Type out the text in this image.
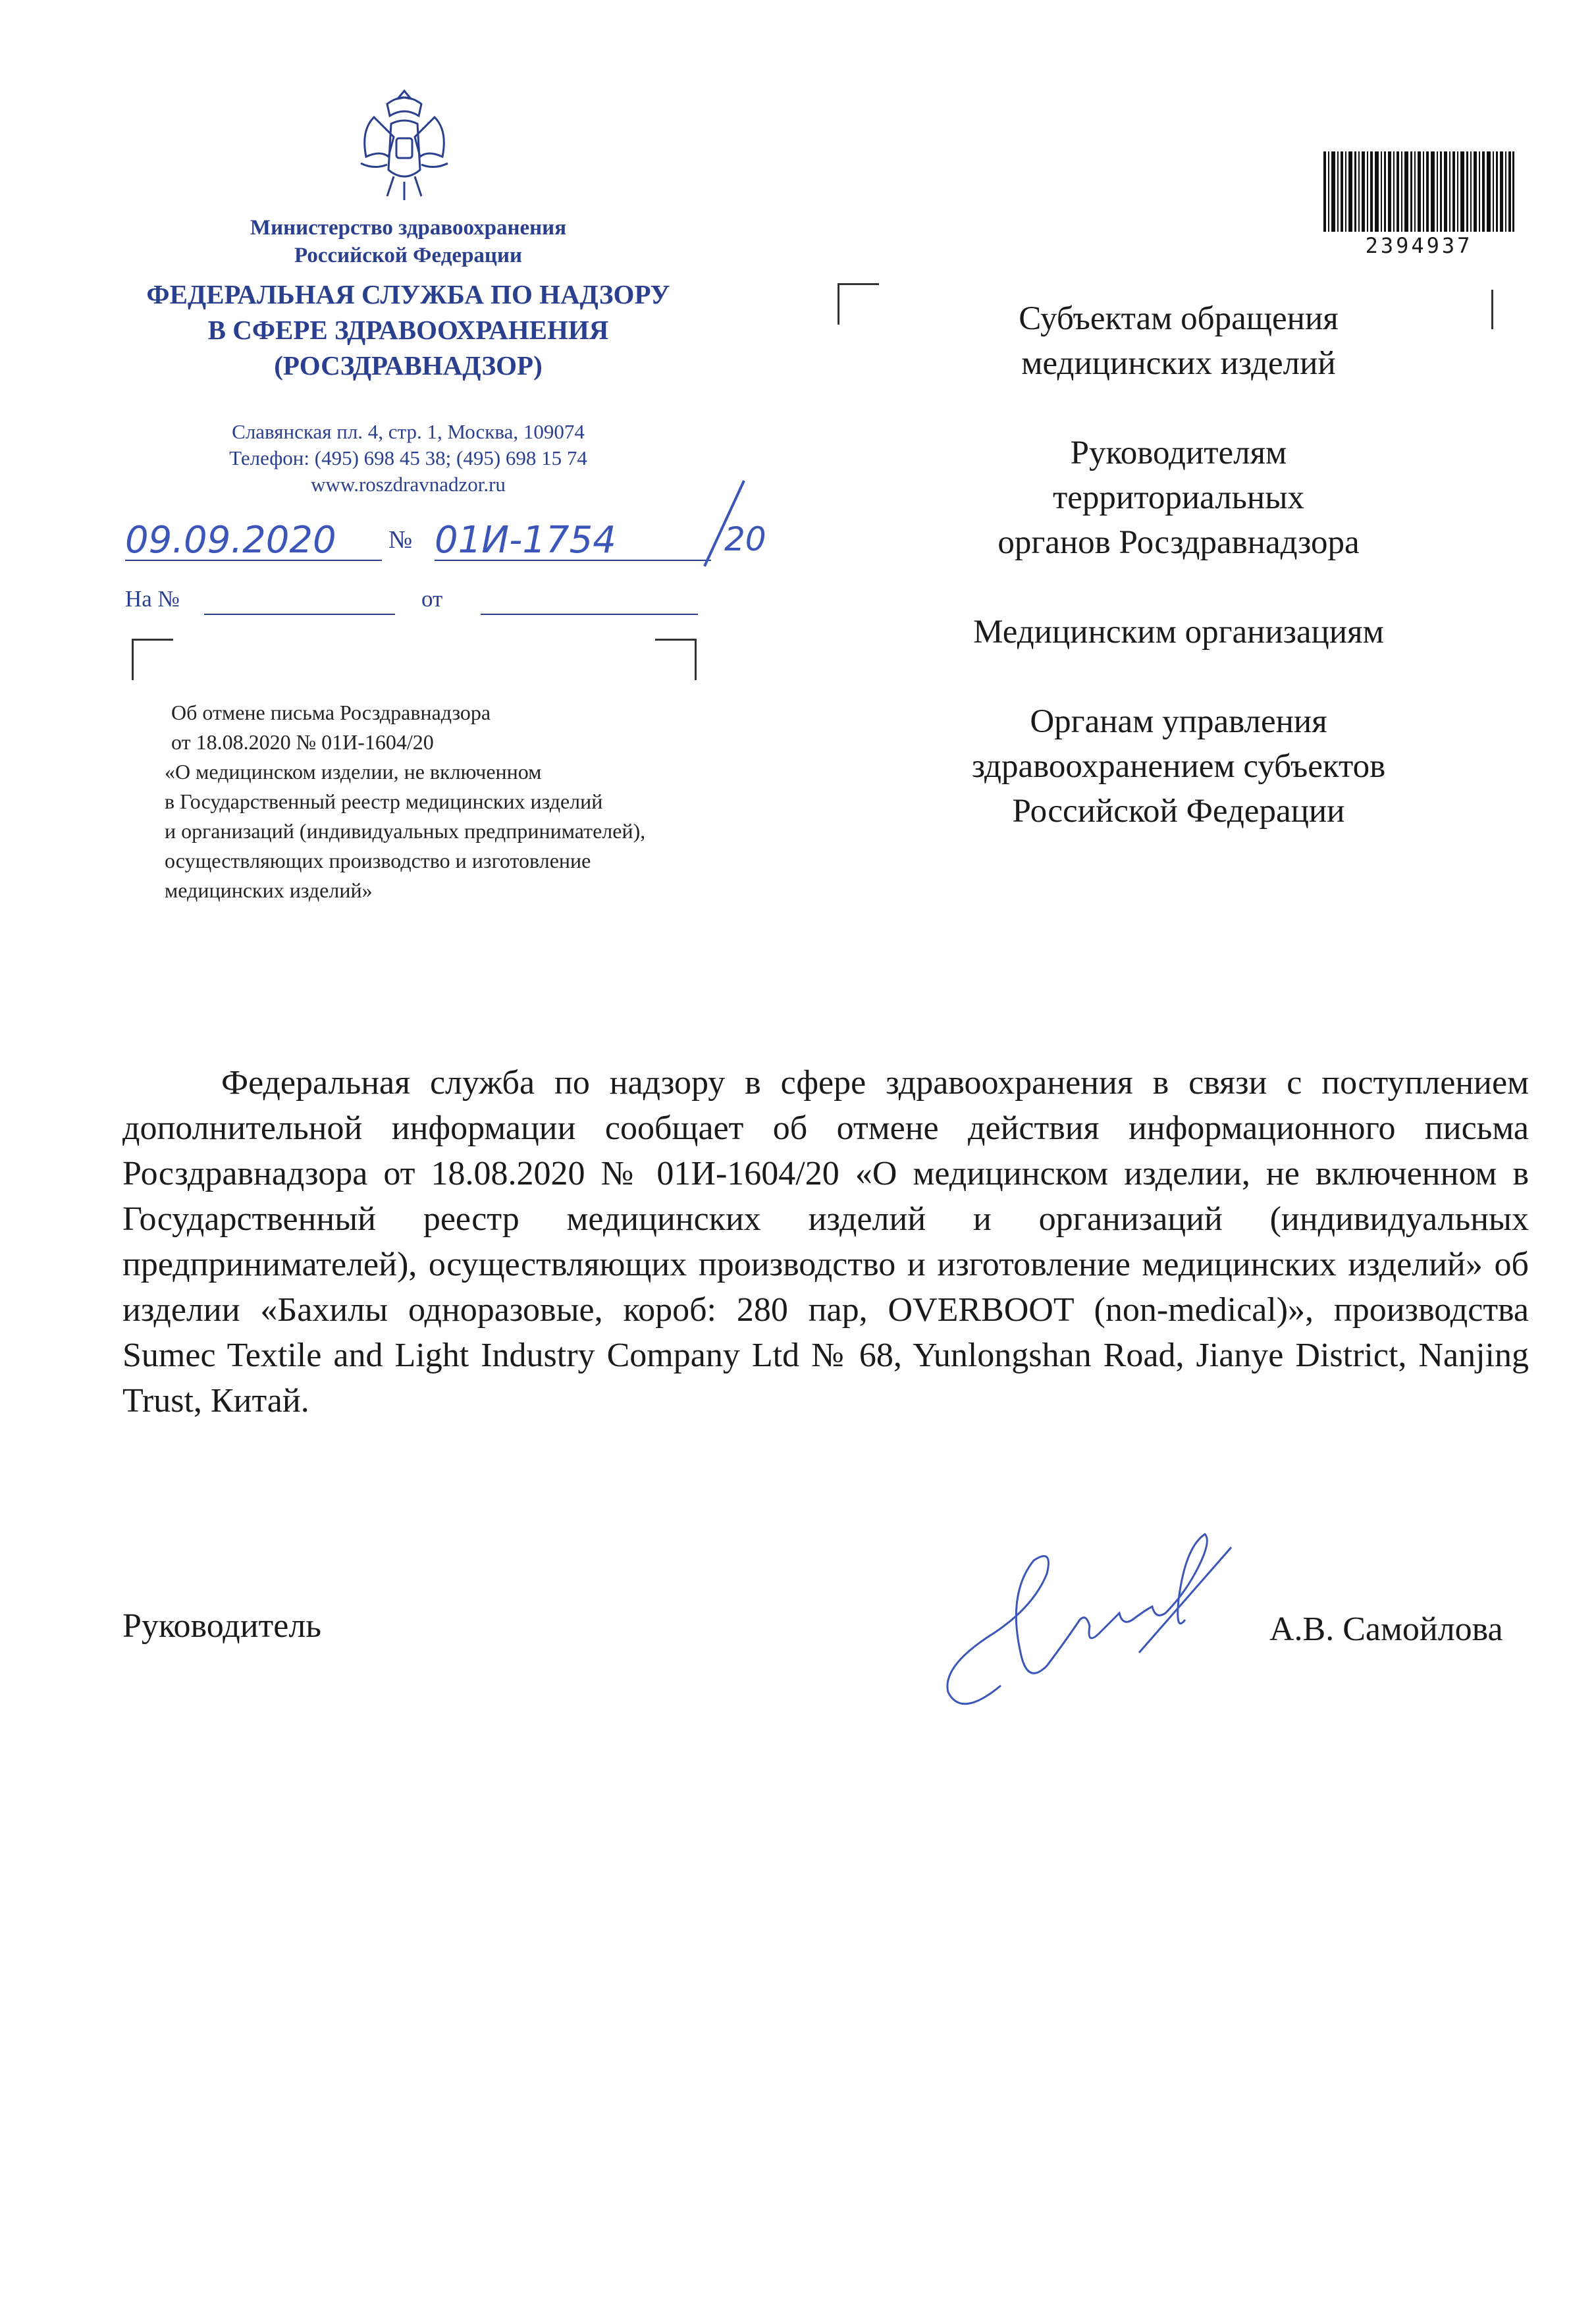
Министерство здравоохранения
Российской Федерации
ФЕДЕРАЛЬНАЯ СЛУЖБА ПО НАДЗОРУ
В СФЕРЕ ЗДРАВООХРАНЕНИЯ
(РОСЗДРАВНАДЗОР)
Славянская пл. 4, стр. 1, Москва, 109074
Телефон: (495) 698 45 38; (495) 698 15 74
www.roszdravnadzor.ru
09.09.2020	№ 01И-1754	20
На №	от
Об отмене письма Росздравнадзора
от 18.08.2020 № 01И-1604/20
«О медицинском изделии, не включенном
в Государственный реестр медицинских изделий
и организаций (индивидуальных предпринимателей),
осуществляющих производство и изготовление
медицинских изделий»
2394937
Субъектам обращения
медицинских изделий
Руководителям
территориальных
органов Росздравнадзора
Медицинским организациям
Органам управления
здравоохранением субъектов
Российской Федерации

Федеральная служба по надзору в сфере здравоохранения в связи с поступлением дополнительной информации сообщает об отмене действия информационного письма Росздравнадзора от 18.08.2020 № 01И-1604/20 «О медицинском изделии, не включенном в Государственный реестр медицинских изделий и организаций (индивидуальных предпринимателей), осуществляющих производство и изготовление медицинских изделий» об изделии «Бахилы одноразовые, короб: 280 пар, OVERBOOT (non-medical)», производства Sumec Textile and Light Industry Company Ltd № 68, Yunlongshan Road, Jianye District, Nanjing Trust, Китай.

Руководитель	А.В. Самойлова
